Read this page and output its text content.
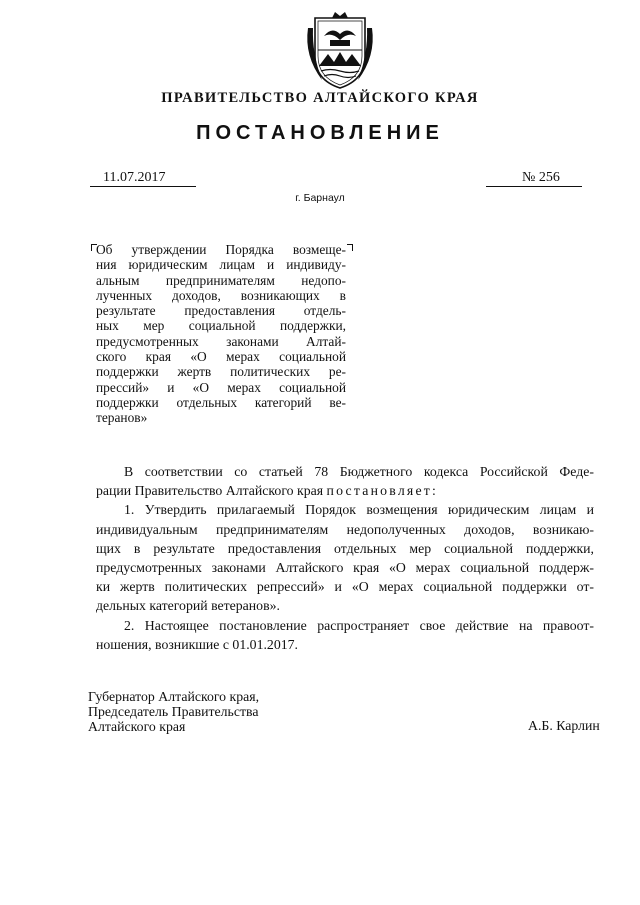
ПРАВИТЕЛЬСТВО АЛТАЙСКОГО КРАЯ
ПОСТАНОВЛЕНИЕ
11.07.2017	№ 256
г. Барнаул
Об утверждении Порядка возмеще-
ния юридическим лицам и индивиду-
альным предпринимателям недопо-
лученных доходов, возникающих в
результате предоставления отдель-
ных мер социальной поддержки,
предусмотренных законами Алтай-
ского края «О мерах социальной
поддержки жертв политических ре-
прессий» и «О мерах социальной
поддержки отдельных категорий ве-
теранов»
В соответствии со статьей 78 Бюджетного кодекса Российской Феде-
рации Правительство Алтайского края постановляет:
1. Утвердить прилагаемый Порядок возмещения юридическим лицам и
индивидуальным предпринимателям недополученных доходов, возникаю-
щих в результате предоставления отдельных мер социальной поддержки,
предусмотренных законами Алтайского края «О мерах социальной поддерж-
ки жертв политических репрессий» и «О мерах социальной поддержки от-
дельных категорий ветеранов».
2. Настоящее постановление распространяет свое действие на правоот-
ношения, возникшие с 01.01.2017.
Губернатор Алтайского края,
Председатель Правительства
Алтайского края	А.Б. Карлин
